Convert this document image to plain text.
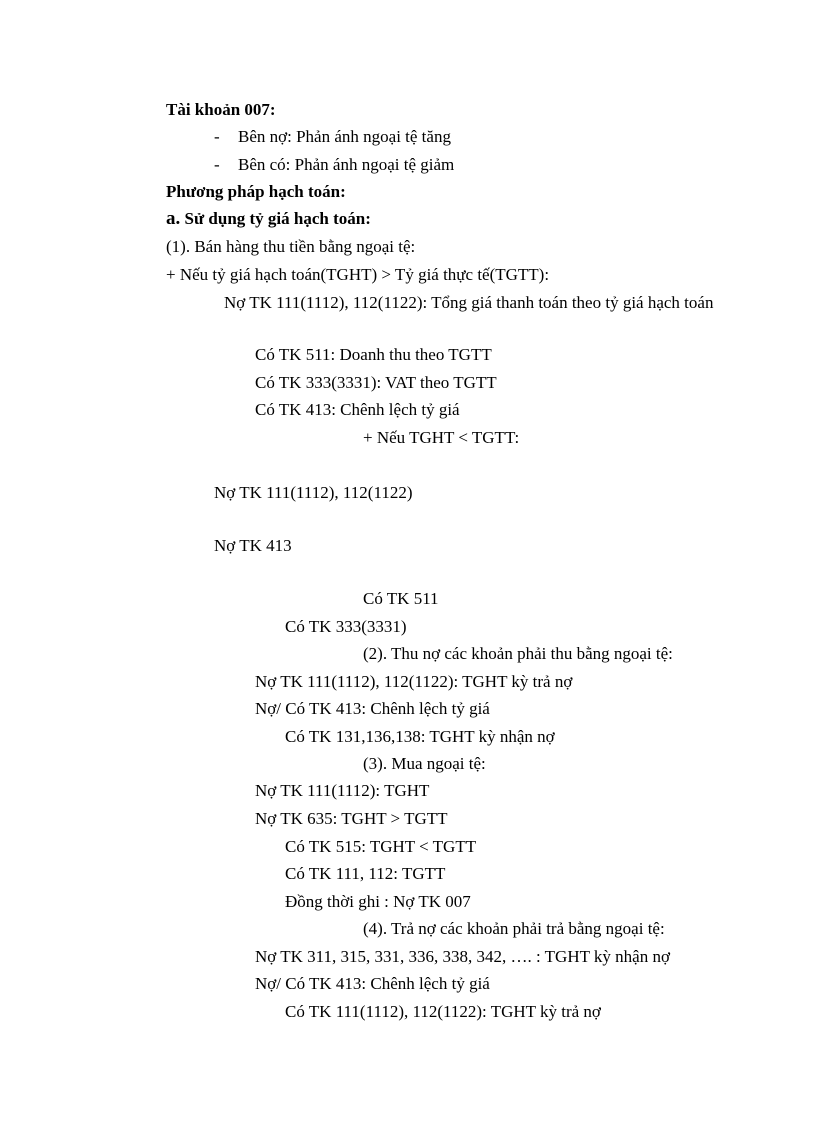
Tài khoản 007:
- Bên nợ: Phản ánh ngoại tệ tăng
- Bên có: Phản ánh ngoại tệ giảm
Phương pháp hạch toán:
a. Sử dụng tỷ giá hạch toán:
(1). Bán hàng thu tiền bằng ngoại tệ:
+ Nếu tỷ giá hạch toán(TGHT) > Tỷ giá thực tế(TGTT):
Nợ TK 111(1112), 112(1122): Tổng giá thanh toán theo tỷ giá hạch toán
Có TK 511: Doanh thu theo TGTT
Có TK 333(3331): VAT theo TGTT
Có TK 413: Chênh lệch tỷ giá
+ Nếu TGHT < TGTT:
Nợ TK 111(1112), 112(1122)
Nợ TK 413
Có TK 511
Có TK 333(3331)
(2). Thu nợ các khoản phải thu bằng ngoại tệ:
Nợ TK 111(1112), 112(1122): TGHT kỳ trả nợ
Nợ/ Có TK 413: Chênh lệch tỷ giá
Có TK 131,136,138: TGHT kỳ nhận nợ
(3). Mua ngoại tệ:
Nợ TK 111(1112): TGHT
Nợ TK 635: TGHT > TGTT
Có TK 515: TGHT < TGTT
Có TK 111, 112: TGTT
Đồng thời ghi : Nợ TK 007
(4). Trả nợ các khoản phải trả bằng ngoại tệ:
Nợ TK 311, 315, 331, 336, 338, 342, …. : TGHT kỳ nhận nợ
Nợ/ Có TK 413: Chênh lệch tỷ giá
Có TK 111(1112), 112(1122): TGHT kỳ trả nợ
